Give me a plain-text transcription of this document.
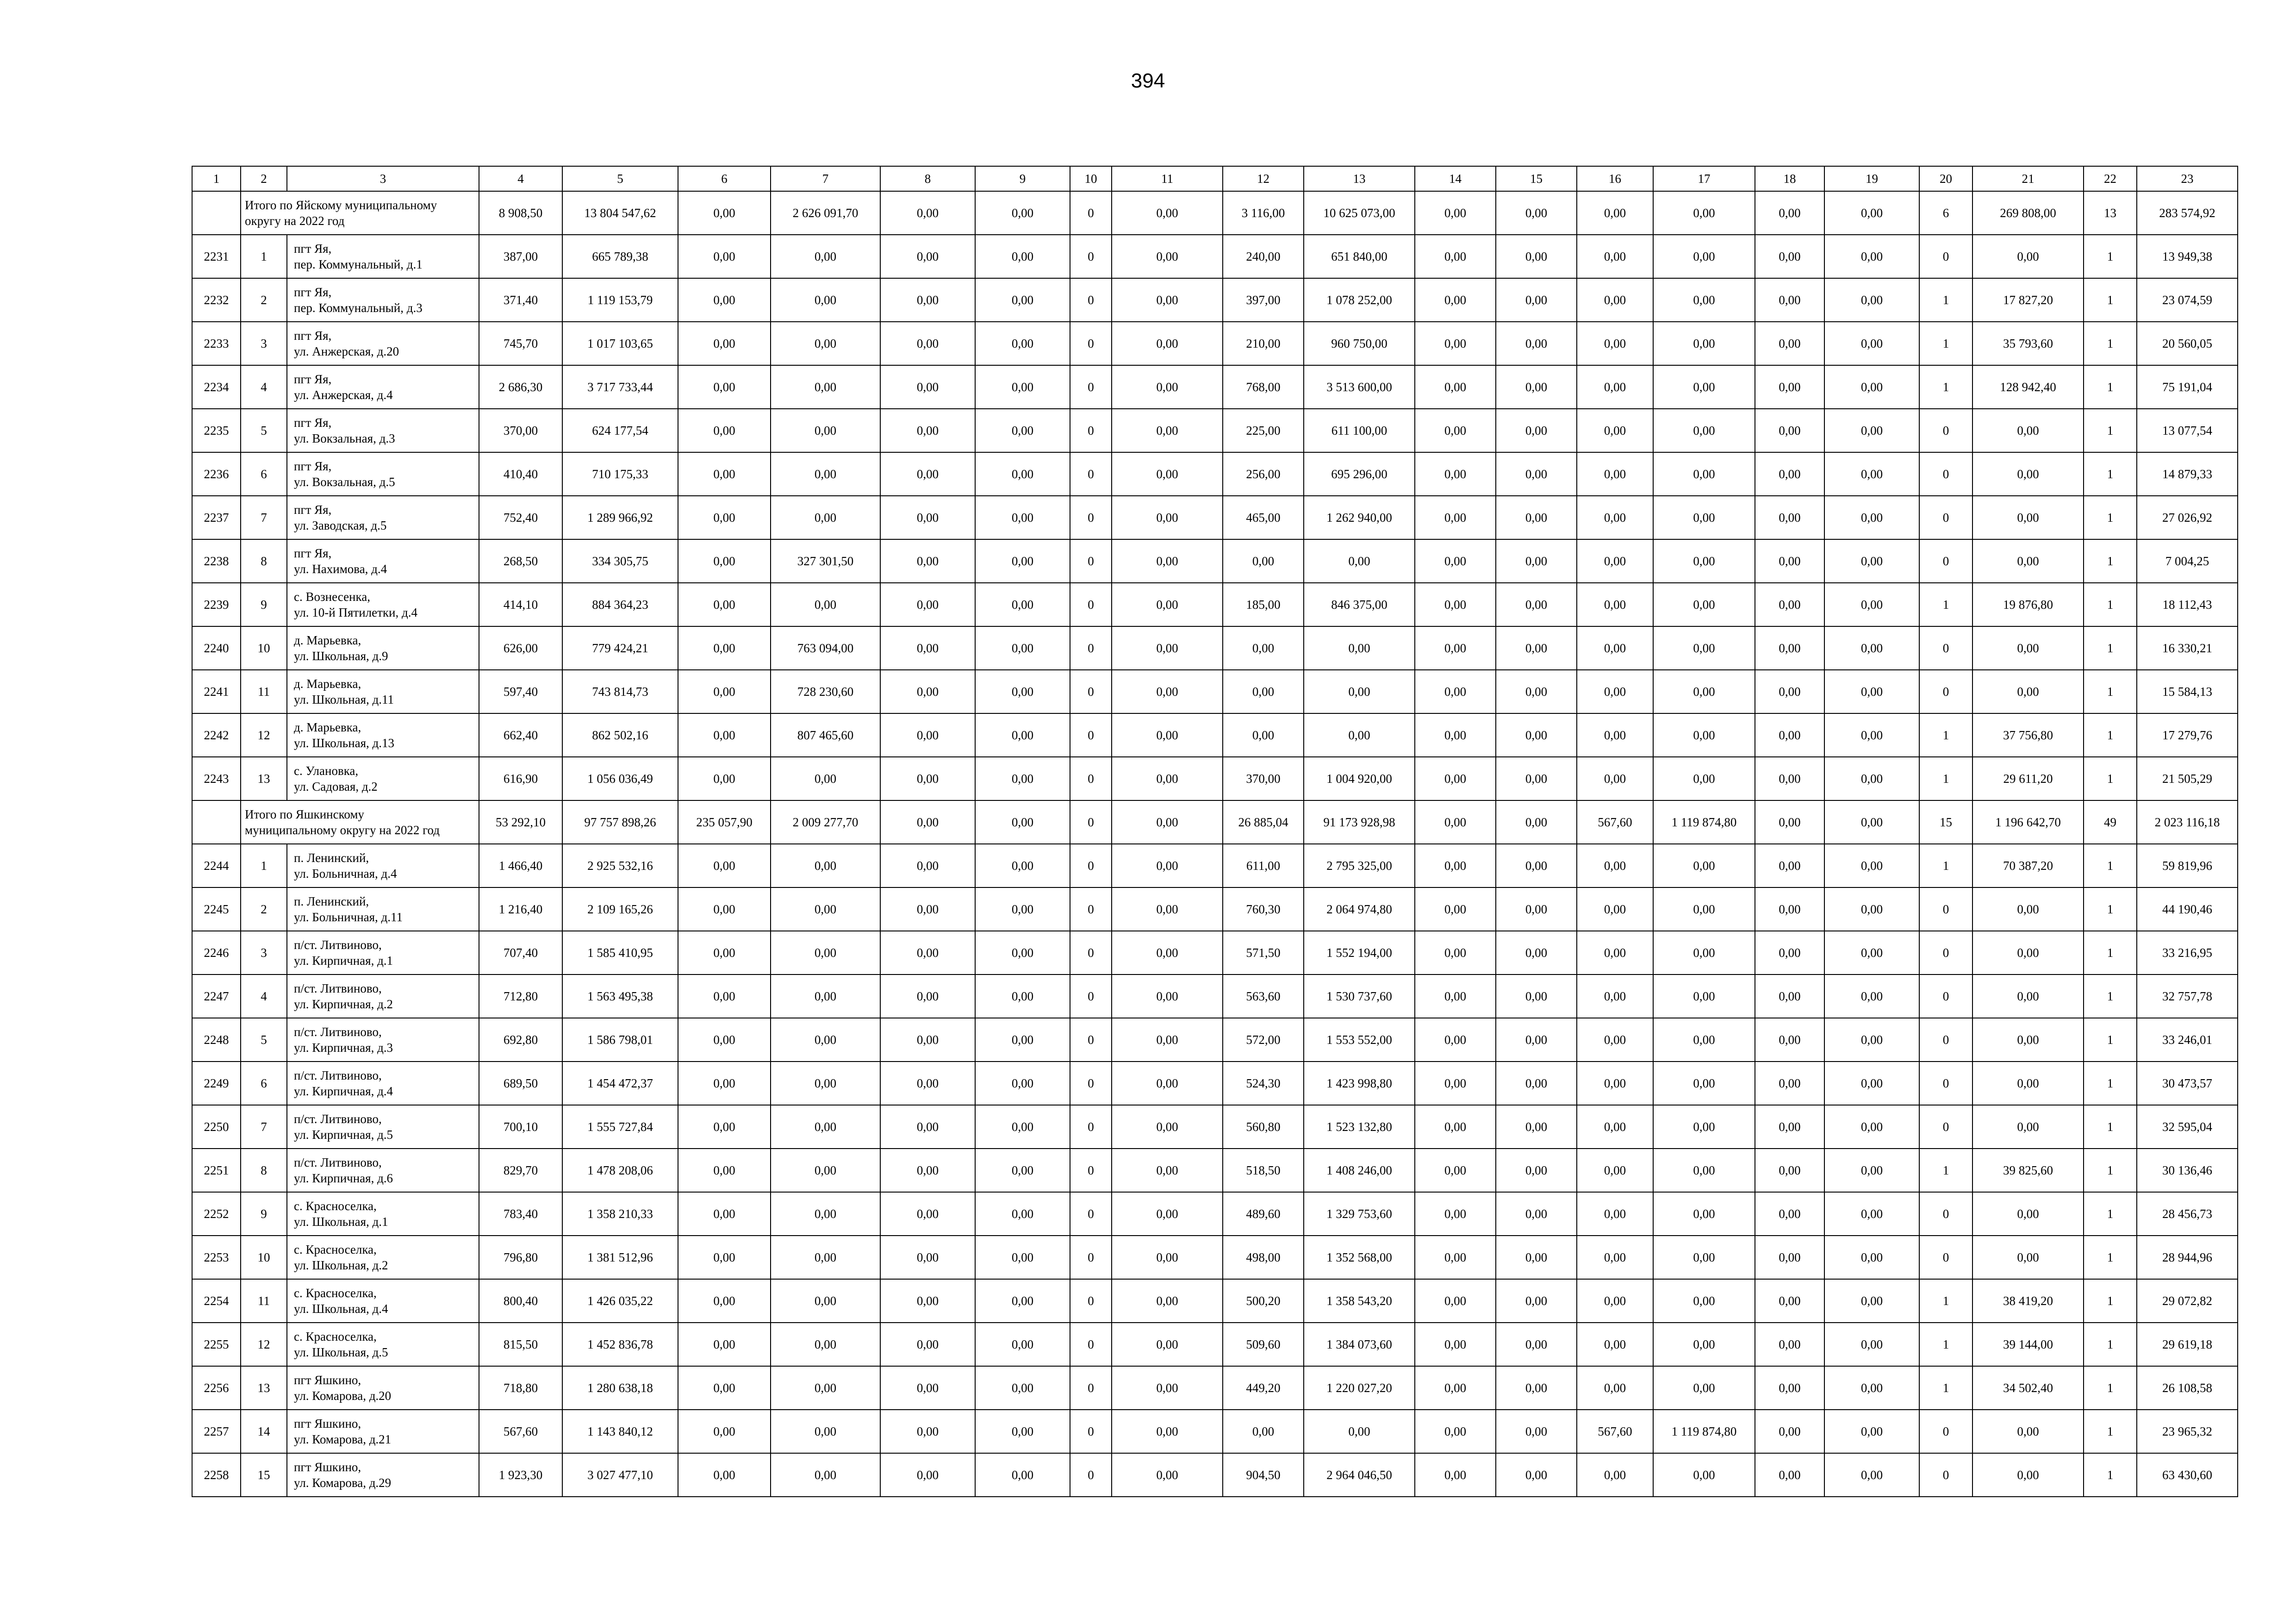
394
1	2	3	4	5	6	7	8	9	10	11	12	13	14	15	16	17	18	19	20	21	22	23

	Итого по Яйскому муниципальному
округу на 2022 год		8 908,50	13 804 547,62	0,00	2 626 091,70	0,00	0,00	0	0,00	3 116,00	10 625 073,00	0,00	0,00	0,00	0,00	0,00	0,00	6	269 808,00	13	283 574,92
2231	1	пгт Яя,
пер. Коммунальный, д.1	387,00	665 789,38	0,00	0,00	0,00	0,00	0	0,00	240,00	651 840,00	0,00	0,00	0,00	0,00	0,00	0,00	0	0,00	1	13 949,38
2232	2	пгт Яя,
пер. Коммунальный, д.3	371,40	1 119 153,79	0,00	0,00	0,00	0,00	0	0,00	397,00	1 078 252,00	0,00	0,00	0,00	0,00	0,00	0,00	1	17 827,20	1	23 074,59
2233	3	пгт Яя,
ул. Анжерская, д.20	745,70	1 017 103,65	0,00	0,00	0,00	0,00	0	0,00	210,00	960 750,00	0,00	0,00	0,00	0,00	0,00	0,00	1	35 793,60	1	20 560,05
2234	4	пгт Яя,
ул. Анжерская, д.4	2 686,30	3 717 733,44	0,00	0,00	0,00	0,00	0	0,00	768,00	3 513 600,00	0,00	0,00	0,00	0,00	0,00	0,00	1	128 942,40	1	75 191,04
2235	5	пгт Яя,
ул. Вокзальная, д.3	370,00	624 177,54	0,00	0,00	0,00	0,00	0	0,00	225,00	611 100,00	0,00	0,00	0,00	0,00	0,00	0,00	0	0,00	1	13 077,54
2236	6	пгт Яя,
ул. Вокзальная, д.5	410,40	710 175,33	0,00	0,00	0,00	0,00	0	0,00	256,00	695 296,00	0,00	0,00	0,00	0,00	0,00	0,00	0	0,00	1	14 879,33
2237	7	пгт Яя,
ул. Заводская, д.5	752,40	1 289 966,92	0,00	0,00	0,00	0,00	0	0,00	465,00	1 262 940,00	0,00	0,00	0,00	0,00	0,00	0,00	0	0,00	1	27 026,92
2238	8	пгт Яя,
ул. Нахимова, д.4	268,50	334 305,75	0,00	327 301,50	0,00	0,00	0	0,00	0,00	0,00	0,00	0,00	0,00	0,00	0,00	0,00	0	0,00	1	7 004,25
2239	9	с. Вознесенка,
ул. 10-й Пятилетки, д.4	414,10	884 364,23	0,00	0,00	0,00	0,00	0	0,00	185,00	846 375,00	0,00	0,00	0,00	0,00	0,00	0,00	1	19 876,80	1	18 112,43
2240	10	д. Марьевка,
ул. Школьная, д.9	626,00	779 424,21	0,00	763 094,00	0,00	0,00	0	0,00	0,00	0,00	0,00	0,00	0,00	0,00	0,00	0,00	0	0,00	1	16 330,21
2241	11	д. Марьевка,
ул. Школьная, д.11	597,40	743 814,73	0,00	728 230,60	0,00	0,00	0	0,00	0,00	0,00	0,00	0,00	0,00	0,00	0,00	0,00	0	0,00	1	15 584,13
2242	12	д. Марьевка,
ул. Школьная, д.13	662,40	862 502,16	0,00	807 465,60	0,00	0,00	0	0,00	0,00	0,00	0,00	0,00	0,00	0,00	0,00	0,00	1	37 756,80	1	17 279,76
2243	13	с. Улановка,
ул. Садовая, д.2	616,90	1 056 036,49	0,00	0,00	0,00	0,00	0	0,00	370,00	1 004 920,00	0,00	0,00	0,00	0,00	0,00	0,00	1	29 611,20	1	21 505,29

	Итого по Яшкинскому
муниципальному округу на 2022 год		53 292,10	97 757 898,26	235 057,90	2 009 277,70	0,00	0,00	0	0,00	26 885,04	91 173 928,98	0,00	0,00	567,60	1 119 874,80	0,00	0,00	15	1 196 642,70	49	2 023 116,18
2244	1	п. Ленинский,
ул. Больничная, д.4	1 466,40	2 925 532,16	0,00	0,00	0,00	0,00	0	0,00	611,00	2 795 325,00	0,00	0,00	0,00	0,00	0,00	0,00	1	70 387,20	1	59 819,96
2245	2	п. Ленинский,
ул. Больничная, д.11	1 216,40	2 109 165,26	0,00	0,00	0,00	0,00	0	0,00	760,30	2 064 974,80	0,00	0,00	0,00	0,00	0,00	0,00	0	0,00	1	44 190,46
2246	3	п/ст. Литвиново,
ул. Кирпичная, д.1	707,40	1 585 410,95	0,00	0,00	0,00	0,00	0	0,00	571,50	1 552 194,00	0,00	0,00	0,00	0,00	0,00	0,00	0	0,00	1	33 216,95
2247	4	п/ст. Литвиново,
ул. Кирпичная, д.2	712,80	1 563 495,38	0,00	0,00	0,00	0,00	0	0,00	563,60	1 530 737,60	0,00	0,00	0,00	0,00	0,00	0,00	0	0,00	1	32 757,78
2248	5	п/ст. Литвиново,
ул. Кирпичная, д.3	692,80	1 586 798,01	0,00	0,00	0,00	0,00	0	0,00	572,00	1 553 552,00	0,00	0,00	0,00	0,00	0,00	0,00	0	0,00	1	33 246,01
2249	6	п/ст. Литвиново,
ул. Кирпичная, д.4	689,50	1 454 472,37	0,00	0,00	0,00	0,00	0	0,00	524,30	1 423 998,80	0,00	0,00	0,00	0,00	0,00	0,00	0	0,00	1	30 473,57
2250	7	п/ст. Литвиново,
ул. Кирпичная, д.5	700,10	1 555 727,84	0,00	0,00	0,00	0,00	0	0,00	560,80	1 523 132,80	0,00	0,00	0,00	0,00	0,00	0,00	0	0,00	1	32 595,04
2251	8	п/ст. Литвиново,
ул. Кирпичная, д.6	829,70	1 478 208,06	0,00	0,00	0,00	0,00	0	0,00	518,50	1 408 246,00	0,00	0,00	0,00	0,00	0,00	0,00	1	39 825,60	1	30 136,46
2252	9	с. Красноселка,
ул. Школьная, д.1	783,40	1 358 210,33	0,00	0,00	0,00	0,00	0	0,00	489,60	1 329 753,60	0,00	0,00	0,00	0,00	0,00	0,00	0	0,00	1	28 456,73
2253	10	с. Красноселка,
ул. Школьная, д.2	796,80	1 381 512,96	0,00	0,00	0,00	0,00	0	0,00	498,00	1 352 568,00	0,00	0,00	0,00	0,00	0,00	0,00	0	0,00	1	28 944,96
2254	11	с. Красноселка,
ул. Школьная, д.4	800,40	1 426 035,22	0,00	0,00	0,00	0,00	0	0,00	500,20	1 358 543,20	0,00	0,00	0,00	0,00	0,00	0,00	1	38 419,20	1	29 072,82
2255	12	с. Красноселка,
ул. Школьная, д.5	815,50	1 452 836,78	0,00	0,00	0,00	0,00	0	0,00	509,60	1 384 073,60	0,00	0,00	0,00	0,00	0,00	0,00	1	39 144,00	1	29 619,18
2256	13	пгт Яшкино,
ул. Комарова, д.20	718,80	1 280 638,18	0,00	0,00	0,00	0,00	0	0,00	449,20	1 220 027,20	0,00	0,00	0,00	0,00	0,00	0,00	1	34 502,40	1	26 108,58
2257	14	пгт Яшкино,
ул. Комарова, д.21	567,60	1 143 840,12	0,00	0,00	0,00	0,00	0	0,00	0,00	0,00	0,00	0,00	567,60	1 119 874,80	0,00	0,00	0	0,00	1	23 965,32
2258	15	пгт Яшкино,
ул. Комарова, д.29	1 923,30	3 027 477,10	0,00	0,00	0,00	0,00	0	0,00	904,50	2 964 046,50	0,00	0,00	0,00	0,00	0,00	0,00	0	0,00	1	63 430,60
